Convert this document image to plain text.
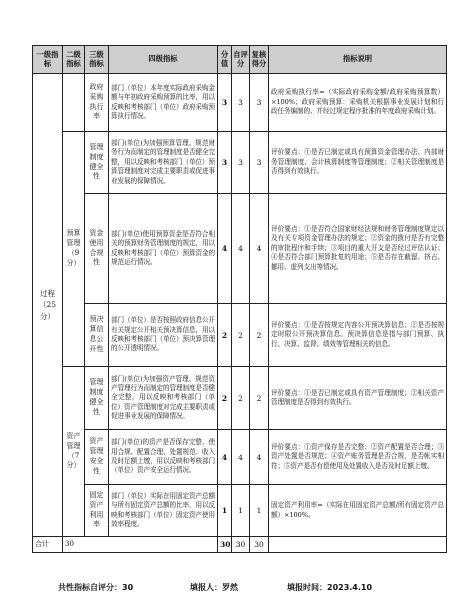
一级指标	二级指标	三级指标	四级指标	分值	自评分	复核得分	指标说明
过程（25分）		政府采购执行率	部门（单位）本年度实际政府采购金额与年初政府采购预算的比率，用以反映和考核部门（单位）政府采购预算执行情况。	3	3	3	政府采购执行率=（实际政府采购金额/政府采购预算数）×100%；政府采购预算：采购机关根据事业发展计划和行政任务编制的、并经过规定程序批准的年度政府采购计划。
	预算管理（9分）	管理制度健全性	部门(单位)为加强预算管理、规范财务行为而制定的管理制度是否健全完整，用以反映和考核部门（单位）预算管理制度对完成主要职责或促进事业发展的保障情况。	3	3	3	评价要点：①是否已制定或具有预算资金管理办法、内部财务管理制度、会计核算制度等管理制度；②相关管理制度是否得到有效执行。
		资金使用合规性	部门(单位)使用预算资金是否符合相关的预算财务管理制度的规定，用以反映和考核部门（单位）预算资金的规范运行情况。	4	4	4	评价要点：①是否符合国家财经法规和财务管理制度规定以及有关专项资金管理办法的规定；②资金的拨付是否有完整的审批程序和手续；③项目的重大开支是否经过评估认证；④是否符合部门预算批复的用途；⑤是否存在截留、挤占、挪用、虚列支出等情况。
		预决算信息公开性	部门（单位）是否按照政府信息公开有关规定公开相关预决算信息，用以反映和考核部门（单位）预决算管理的公开透明情况。	2	2	2	评价要点：①是否按规定内容公开预决算信息；②是否按规定时限公开预决算信息。预决算信息是指与部门预算、执行、决算、监督、绩效等管理相关的信息。
	资产管理（7分）	管理制度健全性	部门(单位)为加强资产管理、规范资产管理行为而制定的管理制度是否健全完整，用以反映和考核部门（单位）资产管理制度对完成主要职责或促进事业发展的保障情况。	2	2	2	评价要点：①是否已制定或具有资产管理制度；②相关资产管理制度是否得到有效执行。
		资产管理安全性	部门(单位)的资产是否保存完整、使用合规、配置合理、处置规范、收入及时足额上缴，用以反映和考核部门（单位）资产安全运行情况。	4	4	4	评价要点：①资产保存是否完整；②资产配置是否合理；③资产处置是否规范；④资产账务管理是否合规，是否帐实相符；⑤资产是否有偿使用及处置收入是否及时足额上缴。
		固定资产利用率	部门（单位）实际在用固定资产总额与所有固定资产总额的比率，用以反映和考核部门（单位）固定资产使用效率程度。	1	1	1	固定资产利用率=（实际在用固定资产总额/所有固定资产总额）×100%。
合计	30			30	30	30	
共性指标自评分：30	填报人：罗然	填报时间：2023.4.10
